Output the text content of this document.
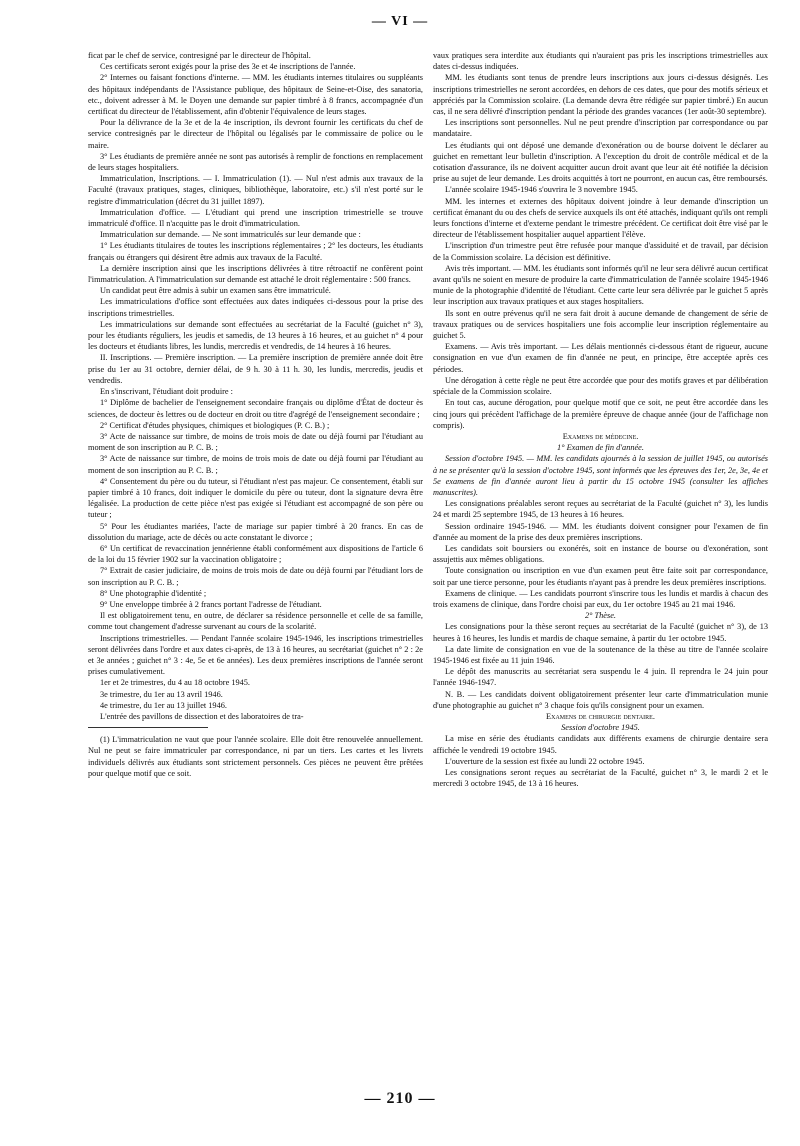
— VI —

ficat par le chef de service, contresigné par le directeur de l'hôpital.

Ces certificats seront exigés pour la prise des 3e et 4e inscriptions de l'année.

2° Internes ou faisant fonctions d'interne. — MM. les étudiants internes titulaires ou suppléants des hôpitaux indépendants de l'Assistance publique, des hôpitaux de Seine-et-Oise, des sanatoria, etc., doivent adresser à M. le Doyen une demande sur papier timbré à 8 francs, accompagnée d'un certificat du directeur de l'établissement, afin d'obtenir l'équivalence de leurs stages.

Pour la délivrance de la 3e et de la 4e inscription, ils devront fournir les certificats du chef de service contresignés par le directeur de l'hôpital ou légalisés par le commissaire de police ou le maire.

3° Les étudiants de première année ne sont pas autorisés à remplir de fonctions en remplacement de leurs stages hospitaliers.

Immatriculation, Inscriptions. — I. Immatriculation (1). — Nul n'est admis aux travaux de la Faculté (travaux pratiques, stages, cliniques, bibliothèque, laboratoire, etc.) s'il n'est porté sur le registre d'immatriculation (décret du 31 juillet 1897).

Immatriculation d'office. — L'étudiant qui prend une inscription trimestrielle se trouve immatriculé d'office. Il n'acquitte pas le droit d'immatriculation.

Immatriculation sur demande. — Ne sont immatriculés sur leur demande que :

1° Les étudiants titulaires de toutes les inscriptions réglementaires ; 2° les docteurs, les étudiants français ou étrangers qui désirent être admis aux travaux de la Faculté.

La dernière inscription ainsi que les inscriptions délivrées à titre rétroactif ne confèrent point l'immatriculation. A l'immatriculation sur demande est attaché le droit réglementaire : 500 francs.

Un candidat peut être admis à subir un examen sans être immatriculé.

Les immatriculations d'office sont effectuées aux dates indiquées ci-dessous pour la prise des inscriptions trimestrielles.

Les immatriculations sur demande sont effectuées au secrétariat de la Faculté (guichet n° 3), pour les étudiants réguliers, les jeudis et samedis, de 13 heures à 16 heures, et au guichet n° 4 pour les docteurs et étudiants libres, les lundis, mercredis et vendredis, de 14 heures à 16 heures.

II. Inscriptions. — Première inscription. — La première inscription de première année doit être prise du 1er au 31 octobre, dernier délai, de 9 h. 30 à 11 h. 30, les lundis, mercredis, jeudis et vendredis.

En s'inscrivant, l'étudiant doit produire :

1° Diplôme de bachelier de l'enseignement secondaire français ou diplôme d'État de docteur ès sciences, de docteur ès lettres ou de docteur en droit ou titre d'agrégé de l'enseignement secondaire ;

2° Certificat d'études physiques, chimiques et biologiques (P. C. B.) ;

3° Acte de naissance sur timbre, de moins de trois mois de date ou déjà fourni par l'étudiant au moment de son inscription au P. C. B. ;

3° Acte de naissance sur timbre, de moins de trois mois de date ou déjà fourni par l'étudiant au moment de son inscription au P. C. B. ;

4° Consentement du père ou du tuteur, si l'étudiant n'est pas majeur. Ce consentement, établi sur papier timbré à 10 francs, doit indiquer le domicile du père ou tuteur, dont la signature devra être légalisée. La production de cette pièce n'est pas exigée si l'étudiant est accompagné de son père ou tuteur ;

5° Pour les étudiantes mariées, l'acte de mariage sur papier timbré à 20 francs. En cas de dissolution du mariage, acte de décès ou acte constatant le divorce ;

6° Un certificat de revaccination jennérienne établi conformément aux dispositions de l'article 6 de la loi du 15 février 1902 sur la vaccination obligatoire ;

7° Extrait de casier judiciaire, de moins de trois mois de date ou déjà fourni par l'étudiant lors de son inscription au P. C. B. ;

8° Une photographie d'identité ;

9° Une enveloppe timbrée à 2 francs portant l'adresse de l'étudiant.

Il est obligatoirement tenu, en outre, de déclarer sa résidence personnelle et celle de sa famille, comme tout changement d'adresse survenant au cours de la scolarité.

Inscriptions trimestrielles. — Pendant l'année scolaire 1945-1946, les inscriptions trimestrielles seront délivrées dans l'ordre et aux dates ci-après, de 13 à 16 heures, au secrétariat (guichet n° 2 : 2e et 3e années ; guichet n° 3 : 4e, 5e et 6e années). Les deux premières inscriptions de l'année seront prises cumulativement.

1er et 2e trimestres, du 4 au 18 octobre 1945.

3e trimestre, du 1er au 13 avril 1946.

4e trimestre, du 1er au 13 juillet 1946.

L'entrée des pavillons de dissection et des laboratoires de tra-

(1) L'immatriculation ne vaut que pour l'année scolaire. Elle doit être renouvelée annuellement. Nul ne peut se faire immatriculer par correspondance, ni par un tiers. Les cartes et les livrets individuels délivrés aux étudiants sont strictement personnels. Ces pièces ne peuvent être prêtées pour quelque motif que ce soit.

vaux pratiques sera interdite aux étudiants qui n'auraient pas pris les inscriptions trimestrielles aux dates ci-dessus indiquées.

MM. les étudiants sont tenus de prendre leurs inscriptions aux jours ci-dessus désignés. Les inscriptions trimestrielles ne seront accordées, en dehors de ces dates, que pour des motifs sérieux et appréciés par la Commission scolaire. (La demande devra être rédigée sur papier timbré.) En aucun cas, il ne sera délivré d'inscription pendant la période des grandes vacances (1er août-30 septembre).

Les inscriptions sont personnelles. Nul ne peut prendre d'inscription par correspondance ou par mandataire.

Les étudiants qui ont déposé une demande d'exonération ou de bourse doivent le déclarer au guichet en remettant leur bulletin d'inscription. A l'exception du droit de contrôle médical et de la cotisation d'assurance, ils ne doivent acquitter aucun droit avant que leur ait été notifiée la décision prise au sujet de leur demande. Les droits acquittés à tort ne pourront, en aucun cas, être remboursés.

L'année scolaire 1945-1946 s'ouvrira le 3 novembre 1945.

MM. les internes et externes des hôpitaux doivent joindre à leur demande d'inscription un certificat émanant du ou des chefs de service auxquels ils ont été attachés, indiquant qu'ils ont rempli leurs fonctions d'interne et d'externe pendant le trimestre précédent. Ce certificat doit être visé par le directeur de l'établissement hospitalier auquel appartient l'élève.

L'inscription d'un trimestre peut être refusée pour manque d'assiduité et de travail, par décision de la Commission scolaire. La décision est définitive.

Avis très important. — MM. les étudiants sont informés qu'il ne leur sera délivré aucun certificat avant qu'ils ne soient en mesure de produire la carte d'immatriculation de l'année scolaire 1945-1946 munie de la photographie d'identité de l'étudiant. Cette carte leur sera délivrée par le guichet 5 après leur inscription aux travaux pratiques et aux stages hospitaliers.

Ils sont en outre prévenus qu'il ne sera fait droit à aucune demande de changement de série de travaux pratiques ou de services hospitaliers une fois accomplie leur inscription réglementaire au guichet 5.

Examens. — Avis très important. — Les délais mentionnés ci-dessous étant de rigueur, aucune consignation en vue d'un examen de fin d'année ne peut, en principe, être acceptée après ces périodes.

Une dérogation à cette règle ne peut être accordée que pour des motifs graves et par délibération spéciale de la Commission scolaire.

En tout cas, aucune dérogation, pour quelque motif que ce soit, ne peut être accordée dans les cinq jours qui précèdent l'affichage de la première épreuve de chaque année (jour de l'affichage non compris).

Examens de médecine.

1° Examen de fin d'année.

Session d'octobre 1945. — MM. les candidats ajournés à la session de juillet 1945, ou autorisés à ne se présenter qu'à la session d'octobre 1945, sont informés que les épreuves des 1er, 2e, 3e, 4e et 5e examens de fin d'année auront lieu à partir du 15 octobre 1945 (consulter les affiches manuscrites).

Les consignations préalables seront reçues au secrétariat de la Faculté (guichet n° 3), les lundis 24 et mardi 25 septembre 1945, de 13 heures à 16 heures.

Session ordinaire 1945-1946. — MM. les étudiants doivent consigner pour l'examen de fin d'année au moment de la prise des deux premières inscriptions.

Les candidats soit boursiers ou exonérés, soit en instance de bourse ou d'exonération, sont assujettis aux mêmes obligations.

Toute consignation ou inscription en vue d'un examen peut être faite soit par correspondance, soit par une tierce personne, pour les étudiants n'ayant pas à prendre les deux premières inscriptions.

Examens de clinique. — Les candidats pourront s'inscrire tous les lundis et mardis à chacun des trois examens de clinique, dans l'ordre choisi par eux, du 1er octobre 1945 au 21 mai 1946.

2° Thèse.

Les consignations pour la thèse seront reçues au secrétariat de la Faculté (guichet n° 3), de 13 heures à 16 heures, les lundis et mardis de chaque semaine, à partir du 1er octobre 1945.

La date limite de consignation en vue de la soutenance de la thèse au titre de l'année scolaire 1945-1946 est fixée au 11 juin 1946.

Le dépôt des manuscrits au secrétariat sera suspendu le 4 juin. Il reprendra le 24 juin pour l'année 1946-1947.

N. B. — Les candidats doivent obligatoirement présenter leur carte d'immatriculation munie d'une photographie au guichet n° 3 chaque fois qu'ils consignent pour un examen.

Examens de chirurgie dentaire.

Session d'octobre 1945.

La mise en série des étudiants candidats aux différents examens de chirurgie dentaire sera affichée le vendredi 19 octobre 1945.

L'ouverture de la session est fixée au lundi 22 octobre 1945.

Les consignations seront reçues au secrétariat de la Faculté, guichet n° 3, le mardi 2 et le mercredi 3 octobre 1945, de 13 à 16 heures.

— 210 —
